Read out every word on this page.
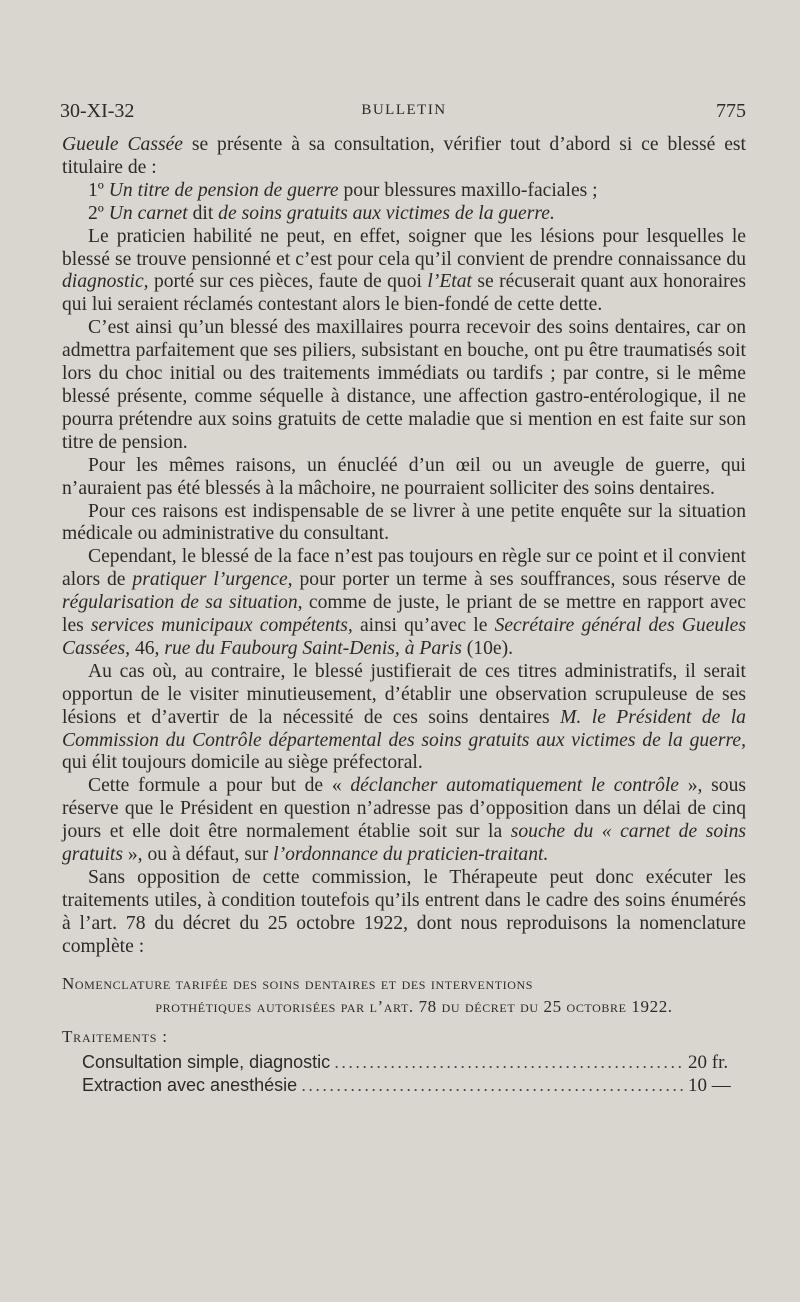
30-XI-32	BULLETIN	775

Gueule Cassée se présente à sa consultation, vérifier tout d’abord si ce blessé est titulaire de :

1º Un titre de pension de guerre pour blessures maxillo-faciales ;

2º Un carnet dit de soins gratuits aux victimes de la guerre.

Le praticien habilité ne peut, en effet, soigner que les lésions pour lesquelles le blessé se trouve pensionné et c’est pour cela qu’il convient de prendre connaissance du diagnostic, porté sur ces pièces, faute de quoi l’Etat se récuserait quant aux honoraires qui lui seraient réclamés contestant alors le bien-fondé de cette dette.

C’est ainsi qu’un blessé des maxillaires pourra recevoir des soins dentaires, car on admettra parfaitement que ses piliers, subsistant en bouche, ont pu être traumatisés soit lors du choc initial ou des traitements immédiats ou tardifs ; par contre, si le même blessé présente, comme séquelle à distance, une affection gastro-entérologique, il ne pourra prétendre aux soins gratuits de cette maladie que si mention en est faite sur son titre de pension.

Pour les mêmes raisons, un énucléé d’un œil ou un aveugle de guerre, qui n’auraient pas été blessés à la mâchoire, ne pourraient solliciter des soins dentaires.

Pour ces raisons est indispensable de se livrer à une petite enquête sur la situation médicale ou administrative du consultant.

Cependant, le blessé de la face n’est pas toujours en règle sur ce point et il convient alors de pratiquer l’urgence, pour porter un terme à ses souffrances, sous réserve de régularisation de sa situation, comme de juste, le priant de se mettre en rapport avec les services municipaux compétents, ainsi qu’avec le Secrétaire général des Gueules Cassées, 46, rue du Faubourg Saint-Denis, à Paris (10e).

Au cas où, au contraire, le blessé justifierait de ces titres administratifs, il serait opportun de le visiter minutieusement, d’établir une observation scrupuleuse de ses lésions et d’avertir de la nécessité de ces soins dentaires M. le Président de la Commission du Contrôle départemental des soins gratuits aux victimes de la guerre, qui élit toujours domicile au siège préfectoral.

Cette formule a pour but de « déclancher automatiquement le contrôle », sous réserve que le Président en question n’adresse pas d’opposition dans un délai de cinq jours et elle doit être normalement établie soit sur la souche du « carnet de soins gratuits », ou à défaut, sur l’ordonnance du praticien-traitant.

Sans opposition de cette commission, le Thérapeute peut donc exécuter les traitements utiles, à condition toutefois qu’ils entrent dans le cadre des soins énumérés à l’art. 78 du décret du 25 octobre 1922, dont nous reproduisons la nomenclature complète :

Nomenclature tarifée des soins dentaires et des interventions
prothétiques autorisées par l’art. 78 du décret du 25 octobre 1922.
Traitements :
Consultation simple, diagnostic .....	20 fr.
Extraction avec anesthésie .....	10 —
